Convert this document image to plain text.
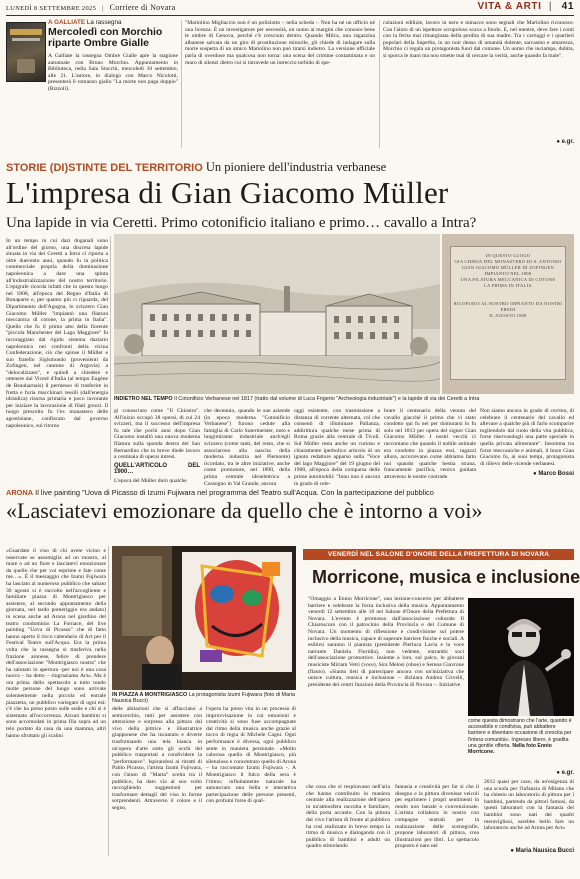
LUNEDÌ 8 SETTEMBRE 2025 | Corriere di Novara	VITA & ARTI | 41
A GALLIATE La rassegna
Mercoledì con Morchio riparte Ombre Gialle
A Galliate la rassegna Ombre Gialle apre la stagione autunnale con Bruno Morchio. Appuntamento in Biblioteca, nella Sala Stucchi, mercoledì 10 settembre, alle 21. L'autore, in dialogo con Marco Nicolotti, presenterà il romanzo giallo "La morte non paga doppio" (Rizzoli).
"Mariolino Migliaccio non è un poliziotto – nella scheda -. Non ha né un ufficio né una licenza. È un investigatore per necessità, un uomo ai margini che conosce bene le ombre di Genova, perché c'è cresciuto dentro. Quando Milca, una ragazzina albanese salvata da un giro di prostituzione minorile, gli chiede di indagare sulla morte sospetta di un amico Mariolino non può tirarsi indietro. La versione ufficiale parla di overdose ma qualcosa non torna: una scena del crimine contaminata e un muro di silenzi dietro cui si intravede un intreccio torbido di spe-
culazioni edilizie, lavoro in nero e minacce sono segnali che Mariolino riconosce. Con l'aiuto di un ispettore scrupoloso scava a fondo. E, nel mentre, deve fare i conti con la ferita mai rimarginata della perdita di sua madre. Tra i carruggi e i quartieri popolari della Superba, in un noir denso di umanità dolente, sarcasmo e amarezza, Morchio ci regala un protagonista fuori dal comune. Un uomo che inciampa, dubita, si sporca le mani ma non smette mai di cercare la verità, anche quando fa male".
● e.gr.
STORIE (DI)STINTE DEL TERRITORIO Un pioniere dell'industria verbanese
L'impresa di Gian Giacomo Müller
Una lapide in via Ceretti. Primo cotonificio italiano e primo… cavallo a Intra?
In un tempo in cui dazi doganali sono all'ordine del giorno, una discreta lapide situata in via dei Ceretti a Intra ci riporta a oltre duecento anni, quando fu la politica commerciale propria della dominazione napoleonica a dare una spinta all'industrializzazione del nostro territorio. L'epigrafe ricorda infatti che in questo luogo nel 1808, all'epoca del Regno d'Italia di Bonaparte e, per quanto più ci riguarda, del Dipartimento dell'Agogna, lo svizzero Gian Giacomo Müller "impiantò una filatura meccanica di cotone, la prima in Italia". Quello che fu il primo atto della fiorente "piccola Manchester del Lago Maggiore" fu incoraggiato dal rigido sistema daziario napoleonico nei confronti della vicina Confederazione, ciò che spinse il Müller e suo fratello Sigismondo (provenienti da Zofingen, nel cantone di Argovia) a "delocalizzare", e quindi a chiedere e ottenere dal Viceré d'Italia (al tempo Eugène de Beauharnais) il permesso di trasferire in fretta e furia macchinari tessili (dall'energia idraulica) risorsa primaria e poco lavorante per iniziare la lavorazione di filati grezzi. Il luogo prescelto fu l'ex monastero delle agostiniane, confiscato dal governo napoleonico, sul ritorno
IN QUESTO LUOGO
GIA CHIESA DEL MONASTERO DI S. ANTONIO
GIAN GIACOMO MÜLLER DI ZOFINGEN
IMPIANTO NEL 1808
UNA FILATURA MECCANICA DI COTONE
LA PRIMA IN ITALIA
RICOPIATO AL NOSTRO IMPIANTO DA NOSTRI EREDI
IL AGOSTO 1808
INDIETRO NEL TEMPO Il Cotonificio Verbanese nel 1817 (tratto dal volume di Luca Frigerio "Archeologia industriale") e la lapide di via dei Ceretti a Intra
gi conosciuto come "Il Chiostro". All'inizio occupò 38 operai, di cui 24 svizzeri, ma il successo dell'impresa fu tale che pochi anni dopo Gian Giacomo installò una nuova moderna filatura sulla sponda destra del San Bernardino che in breve diede lavoro a centinaia di operai intresi.
QUELL'ARTICOLO DEL 1900…
L'epoca del Müller durò qualche
che decennio, quando le sue aziende (in epoca moderna "Cotonificio Verbanese") furono cedute alla famiglia di Carlo Sutermeister, noto e lungimirante industriale anch'egli svizzero (come tanti, del resto, che si associarono alla nascita della moderna industria nel Piemonte) ricordato, tra le altre iniziative, anche come promotore, nel 1890, della prima centrale idroelettrica a Cossogno in Val Grande, ancora
oggi esistente, con trasmissione a distanza di corrente alternata, col che consentì di illuminare Pallanza, addirittura qualche mese prima di Roma grazie alla centrale di Tivoli. Sul Müller resta anche un curioso e chiaramente iperbolico articolo di un ignoto redattore apparso sulla "Voce del lago Maggiore" del 19 giugno del 1900, all'epoca della comparsa delle prime automobili: "Innu non è ancora in grado di cele-
brare il centenario della venuta del cavallo giacché il primo che vi stato condotto qui fu nel per domurarsi lo fu solo nel 1813 per opera del signor Gian Giacomo Müller. I nostri vecchi ci raccontano che quando il nobile animale era condotto in piazza essi, ragazzi allora, accorrevano come abbiamo fatto noi quando qualche bestia strana, francamente pacifica, veniva guidata attraverso le nostre contrade.
Non siamo ancora in grado di cerrmo, di celebrare il centenario del cavallo ed allevare a qualche più di farlo scomparire togliendolo dal ruolo della vita pubblica, forse riservandogli una parte speciale in quella privata alimentare". Insomma tra forze meccaniche e animali, il buon Gian Giacomo fu, ai suoi tempi, protagonista di rilievo delle vicende verbanesi.
● Marco Bossi
ARONA Il live painting "Uova di Picasso di Izumi Fujiwara nel programma del Teatro sull'Acqua. Con la partecipazione del pubblico
«Lasciatevi emozionare da quello che è intorno a voi»
«Guardate il viso di chi avete vicino e osservate se assomiglia ad un mostro, al mare o ad un fiore e lasciatevi emozionare da quello che per voi esprime e fate come me…». È il messaggio che Izumi Fujiwara ha lasciato al numeroso pubblico che sabato 30 agosto si è raccolto nell'accogliente e familiare piazza di Montrigiasco per assistere, al secondo appuntamento della giornata, nel tardo pomeriggio era andato) in scena anche ad Arona nel giardino del teatro condominio La Fornace, del live painting "Uova di Picasso" che di fatto hanno aperto il ricco calendario di Act per il Festival Teatro sull'Acqua. Era la prima volta che la rassegna si trasferiva nella frazione aronese, felice di prendere dell'associazione "Montrigiasco nostra" che ha salutato in apertura -per noi è una cosa nuova – ha detto – ringraziamo Act». Ma è ora prima dello spettacolo a tutto tondo molte persone del luogo sono arrivate solennemente nella piccola ed entrale piazzetta, un pubblico variegato di ogni età: c'è che ha preso posto sulle sedie e chi si è sistemato all'occorrenza. Alcuni bambini si sono accomodati in prima fila sopra ad un telo portato da casa da una mamma, altri hanno sfruttato gli scalini
IN PIAZZA A MONTRIGIASCO La protagonista Izumi Fujiwara (foto di Maria Nausica Bucci)
delle abitazioni che si affacciano a semicerchio, tutti per assistere con attenzione e sorpresa alla pittura dal vivo della pittrice e illustratrice giapponese che ha incantato e diverte trasformando una tela bianca in un'opera d'arte sotto gli occhi del pubblico trasportati a condividere la "performance". Ispirandosi ai ritratti di Pablo Picasso, l'artista Izumi Fujiwara, con l'aiuto di "Marta" scelta tra il pubblico, ha dato via al suo volto raccogliendo suggestioni per trasformare dettagli del viso in forme sorprendenti. Attraverso il colore e il segno,
l'opera ha preso vita in un processo di improvvisazione in cui emozioni e creatività si sono fuse accompagnate dal ritmo della musica anche grazie al tocco di regia di Michele Cagni. Ogni performance è diversa, ogni pubblico sente in maniera personale. «Molto calorosa quello di Montrigiasco, più silenzioso e concentrato quello di Arona – ha raccontato Izumi Fujiwara -. A Montrigiasco il fulco della sera è l'ritmo; infinitamente naturale ha annunciato una bella e interattiva partecipazione delle persone presenti, con profumi forse di qual-
VENERDÌ NEL SALONE D'ONORE DELLA PREFETTURA DI NOVARA
Morricone, musica e inclusione
"Omaggio a Ennio Morricone", una lezione-concerto per abbattere barriere e celebrare la forza inclusiva della musica. Appuntamento venerdì 12 settembre alle 18 nel Salone d'Onore della Prefettura di Novara. L'evento è promosso dall'associazione culturale Il Chiaroscuro con il patrocinio della Provincia e del Comune di Novara. Un momento di riflessione e condivisione sul potere inclusivo della musica, capace di superare barriere fisiche e sociali. A esibirsi saranno il pianista (presidente Pierluca Lavia e la voce narrante Daniela Floridia), non vedente, entrambi soci dell'associazione promotrice. Insieme a loro, sul palco, le giovani musiciste Miriam Vetri (voce), Sira Melosi (oboe) e Serena Giavrone (flauto). «Siamo lieti di partecipare ancora con un'iniziativa che unisce cultura, musica e inclusione – dichiara Andrea Crivelli, presidente dei centri funzioni della Provincia di Novara –. Iniziative
come questa dimostrano che l'arte, quando è accessibile e condivisa, può abbattere barriere e diventare occasione di crescita per l'intera comunità». Ingresso libero, è gradita una gentile offerta. Nella foto Ennio Morricone.
● e.gr.
che cosa che si respiravano nell'aria che hanno contribuito in maniera centrale alla realizzazione dell'opera in un'atmosfera raccolta e familiare, della porta accanto. Con la pittura dal vivo l'artista di fronte al pubblico ha così realizzato in breve tempo la ritmo di musica e dialogando con il pubblico di bambini e adulti un quadro stimolando
fantasia e creatività per far si che il disegno e la pittura divenisse veicoli per esprimere i propri sentimenti in modo non banale o convenzionale. L'artista collabora in nostro con compagne teatrali per la realizzazione delle scenografie, propone laboratori di pittura, crea illustrazioni per libri. Lo spettacolo proposto è nato nel
2012 quasi per caso, da un'esigenza di una scuola per l'infanzia di Milano che ha chiesto un laboratorio di pittura per i bambini, partendo da pittori famosi, da questi laboratori con la fantasia dei bambini sono nati dei quadri meravigliosi, sarebbe bello fare un laboratorio anche ad Arona per Act»
● Maria Nausica Bucci
